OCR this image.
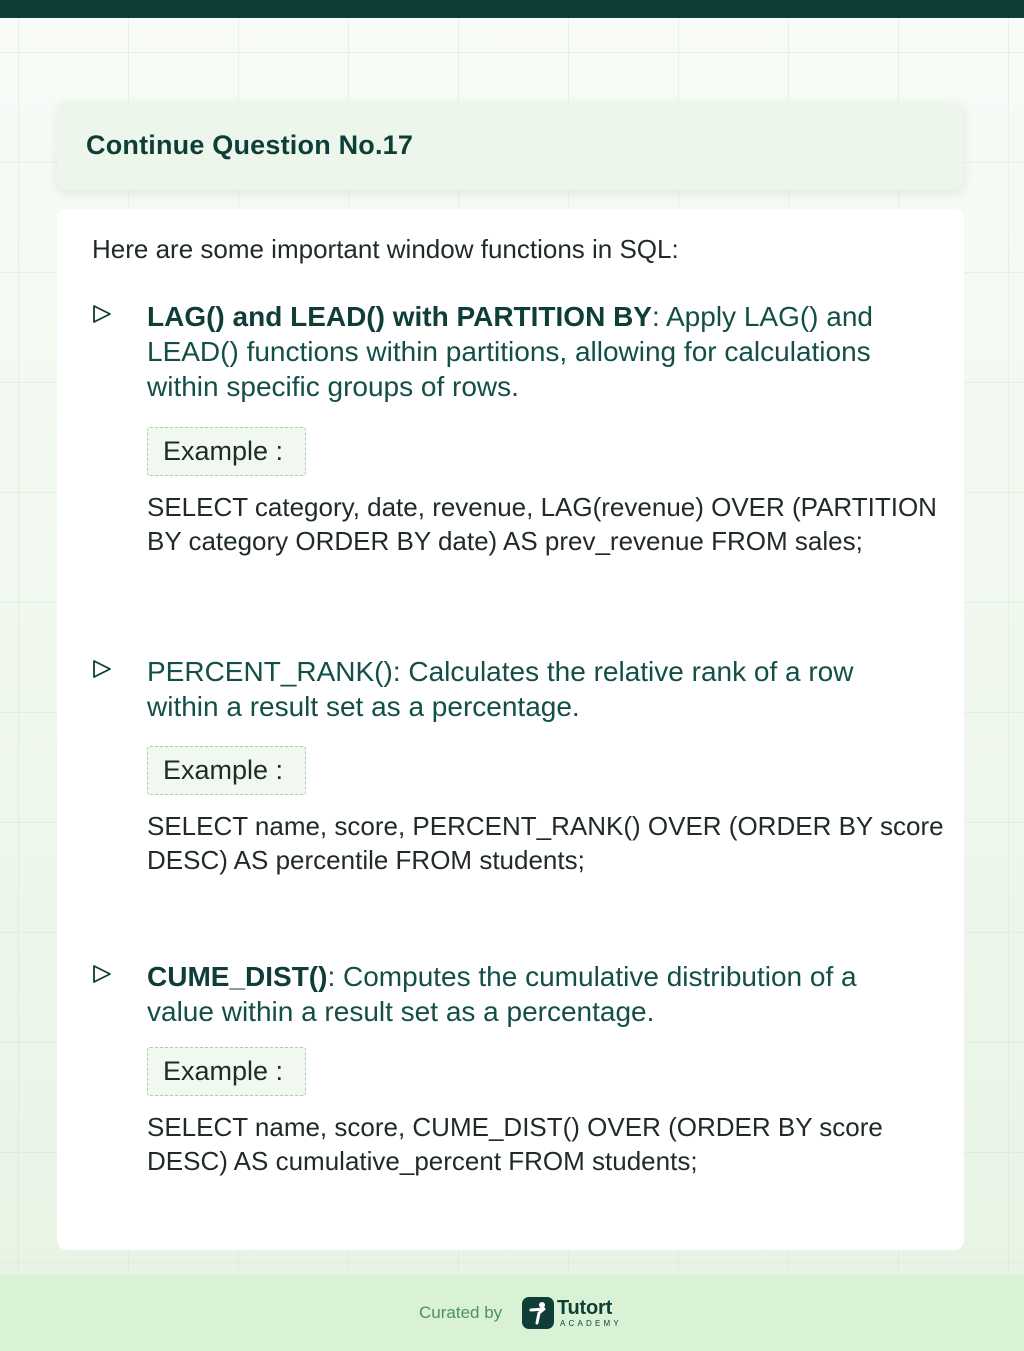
Continue Question No.17
Here are some important window functions in SQL:
LAG() and LEAD() with PARTITION BY: Apply LAG() and LEAD() functions within partitions, allowing for calculations within specific groups of rows.
Example :
SELECT category, date, revenue, LAG(revenue) OVER (PARTITION BY category ORDER BY date) AS prev_revenue FROM sales;
PERCENT_RANK(): Calculates the relative rank of a row within a result set as a percentage.
Example :
SELECT name, score, PERCENT_RANK() OVER (ORDER BY score DESC) AS percentile FROM students;
CUME_DIST(): Computes the cumulative distribution of a value within a result set as a percentage.
Example :
SELECT name, score, CUME_DIST() OVER (ORDER BY score DESC) AS cumulative_percent FROM students;
Curated by	Tutort
ACADEMY
